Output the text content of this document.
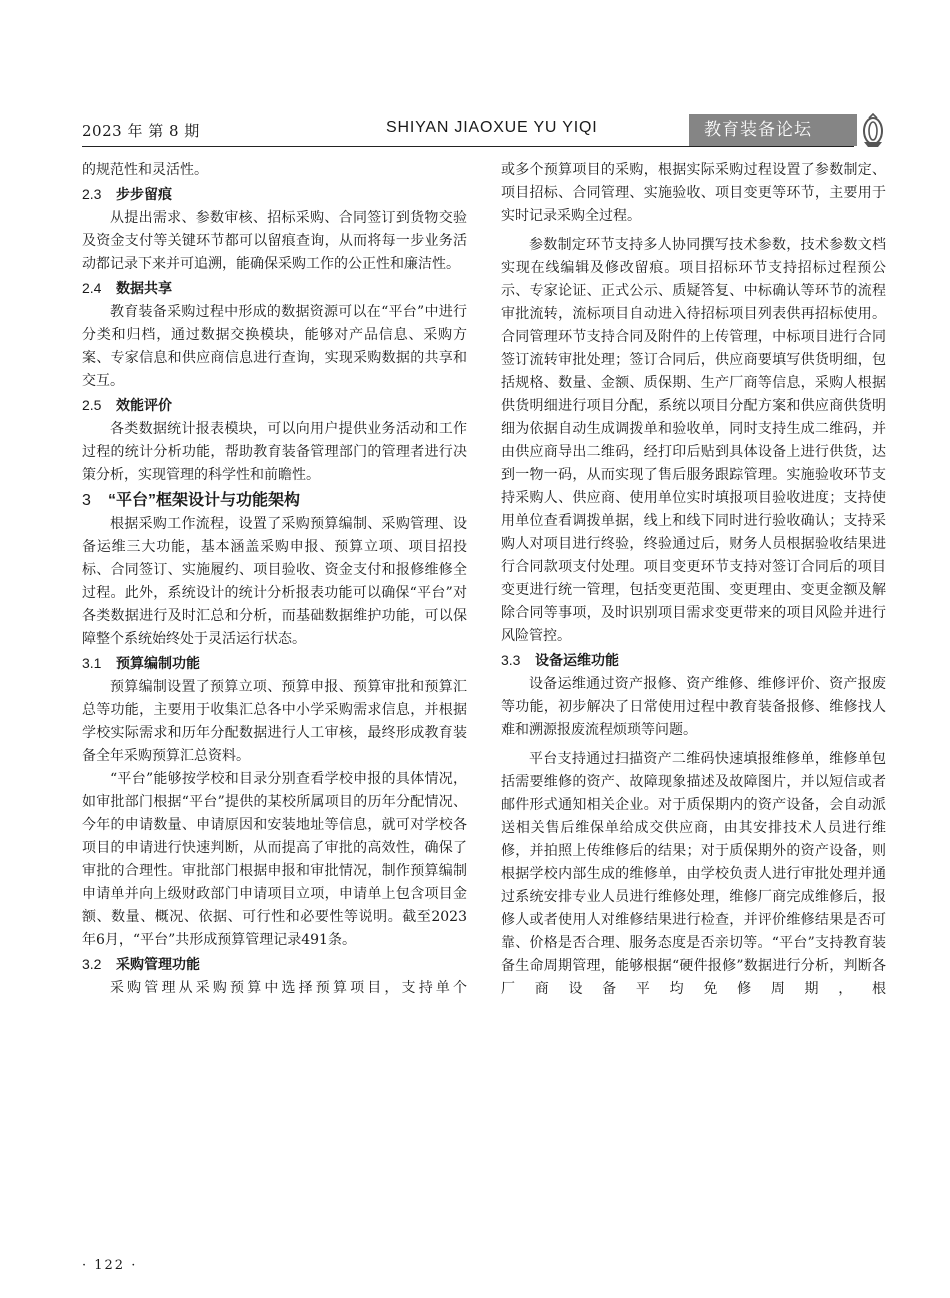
2023 年 第 8 期	SHIYAN JIAOXUE YU YIQI	教育装备论坛

的规范性和灵活性。

2.3 步步留痕

从提出需求、参数审核、招标采购、合同签订到货物交验及资金支付等关键环节都可以留痕查询，从而将每一步业务活动都记录下来并可追溯，能确保采购工作的公正性和廉洁性。

2.4 数据共享

教育装备采购过程中形成的数据资源可以在“平台”中进行分类和归档，通过数据交换模块，能够对产品信息、采购方案、专家信息和供应商信息进行查询，实现采购数据的共享和交互。

2.5 效能评价

各类数据统计报表模块，可以向用户提供业务活动和工作过程的统计分析功能，帮助教育装备管理部门的管理者进行决策分析，实现管理的科学性和前瞻性。

3 “平台”框架设计与功能架构

根据采购工作流程，设置了采购预算编制、采购管理、设备运维三大功能，基本涵盖采购申报、预算立项、项目招投标、合同签订、实施履约、项目验收、资金支付和报修维修全过程。此外，系统设计的统计分析报表功能可以确保“平台”对各类数据进行及时汇总和分析，而基础数据维护功能，可以保障整个系统始终处于灵活运行状态。

3.1 预算编制功能

预算编制设置了预算立项、预算申报、预算审批和预算汇总等功能，主要用于收集汇总各中小学采购需求信息，并根据学校实际需求和历年分配数据进行人工审核，最终形成教育装备全年采购预算汇总资料。

“平台”能够按学校和目录分别查看学校申报的具体情况，如审批部门根据“平台”提供的某校所属项目的历年分配情况、今年的申请数量、申请原因和安装地址等信息，就可对学校各项目的申请进行快速判断，从而提高了审批的高效性，确保了审批的合理性。审批部门根据申报和审批情况，制作预算编制申请单并向上级财政部门申请项目立项，申请单上包含项目金额、数量、概况、依据、可行性和必要性等说明。截至2023年6月，“平台”共形成预算管理记录491条。

3.2 采购管理功能

采购管理从采购预算中选择预算项目，支持单个

或多个预算项目的采购，根据实际采购过程设置了参数制定、项目招标、合同管理、实施验收、项目变更等环节，主要用于实时记录采购全过程。

参数制定环节支持多人协同撰写技术参数，技术参数文档实现在线编辑及修改留痕。项目招标环节支持招标过程预公示、专家论证、正式公示、质疑答复、中标确认等环节的流程审批流转，流标项目自动进入待招标项目列表供再招标使用。合同管理环节支持合同及附件的上传管理，中标项目进行合同签订流转审批处理；签订合同后，供应商要填写供货明细，包括规格、数量、金额、质保期、生产厂商等信息，采购人根据供货明细进行项目分配，系统以项目分配方案和供应商供货明细为依据自动生成调拨单和验收单，同时支持生成二维码，并由供应商导出二维码，经打印后贴到具体设备上进行供货，达到一物一码，从而实现了售后服务跟踪管理。实施验收环节支持采购人、供应商、使用单位实时填报项目验收进度；支持使用单位查看调拨单据，线上和线下同时进行验收确认；支持采购人对项目进行终验，终验通过后，财务人员根据验收结果进行合同款项支付处理。项目变更环节支持对签订合同后的项目变更进行统一管理，包括变更范围、变更理由、变更金额及解除合同等事项，及时识别项目需求变更带来的项目风险并进行风险管控。

3.3 设备运维功能

设备运维通过资产报修、资产维修、维修评价、资产报废等功能，初步解决了日常使用过程中教育装备报修、维修找人难和溯源报废流程烦琐等问题。

平台支持通过扫描资产二维码快速填报维修单，维修单包括需要维修的资产、故障现象描述及故障图片，并以短信或者邮件形式通知相关企业。对于质保期内的资产设备，会自动派送相关售后维保单给成交供应商，由其安排技术人员进行维修，并拍照上传维修后的结果；对于质保期外的资产设备，则根据学校内部生成的维修单，由学校负责人进行审批处理并通过系统安排专业人员进行维修处理，维修厂商完成维修后，报修人或者使用人对维修结果进行检查，并评价维修结果是否可靠、价格是否合理、服务态度是否亲切等。“平台”支持教育装备生命周期管理，能够根据“硬件报修”数据进行分析，判断各厂商设备平均免修周期，根

· 122 ·
